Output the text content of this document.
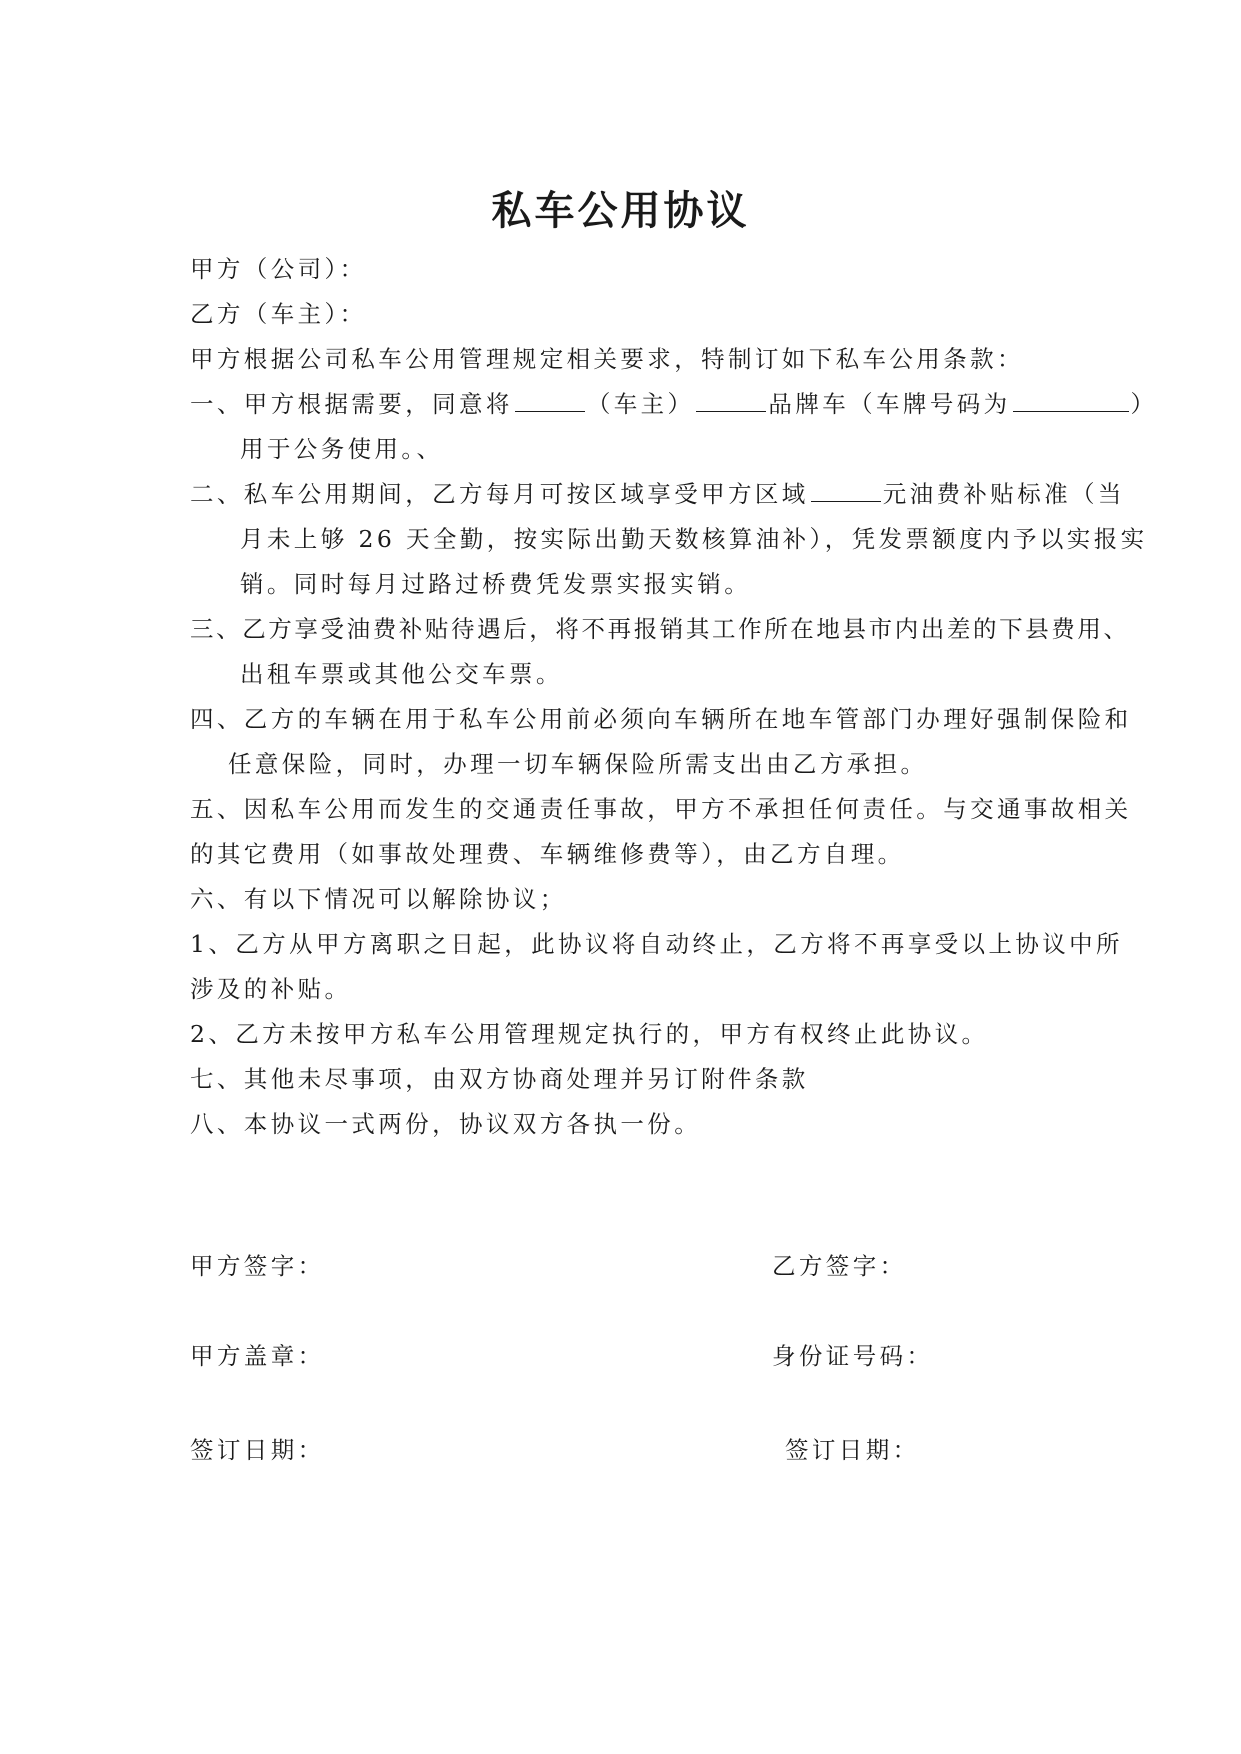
私车公用协议
甲方（公司）：
乙方（车主）：
甲方根据公司私车公用管理规定相关要求，特制订如下私车公用条款：
一、甲方根据需要，同意将	（车主）	品牌车（车牌号码为	）
用于公务使用。、
二、私车公用期间，乙方每月可按区域享受甲方区域	元油费补贴标准（当
月未上够 26 天全勤，按实际出勤天数核算油补），凭发票额度内予以实报实
销。同时每月过路过桥费凭发票实报实销。
三、乙方享受油费补贴待遇后，将不再报销其工作所在地县市内出差的下县费用、
出租车票或其他公交车票。
四、乙方的车辆在用于私车公用前必须向车辆所在地车管部门办理好强制保险和
任意保险，同时，办理一切车辆保险所需支出由乙方承担。
五、因私车公用而发生的交通责任事故，甲方不承担任何责任。与交通事故相关
的其它费用（如事故处理费、车辆维修费等），由乙方自理。
六、有以下情况可以解除协议；
1、乙方从甲方离职之日起，此协议将自动终止，乙方将不再享受以上协议中所
涉及的补贴。
2、乙方未按甲方私车公用管理规定执行的，甲方有权终止此协议。
七、其他未尽事项，由双方协商处理并另订附件条款
八、本协议一式两份，协议双方各执一份。
甲方签字：	乙方签字：
甲方盖章：	身份证号码：
签订日期：	签订日期：
